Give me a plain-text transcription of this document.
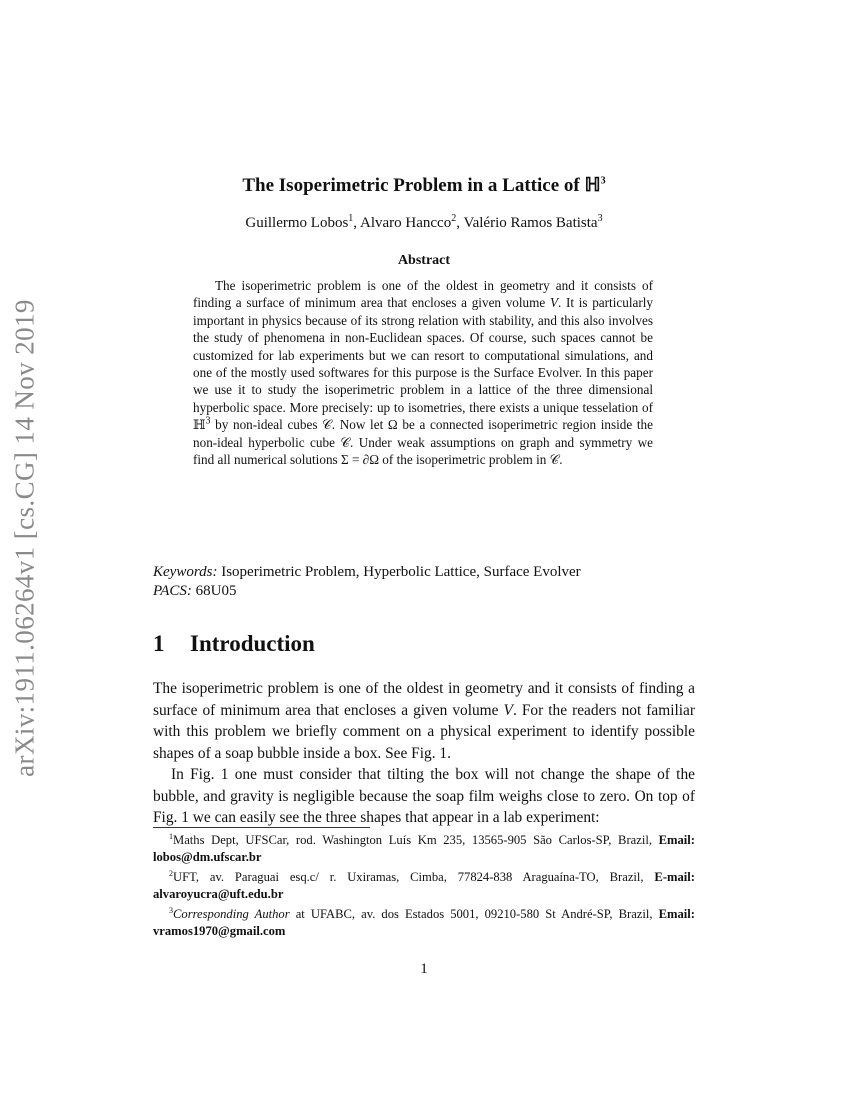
arXiv:1911.06264v1 [cs.CG] 14 Nov 2019
The Isoperimetric Problem in a Lattice of ℍ$^3$
Guillermo Lobos$^1$, Alvaro Hancco$^2$, Valério Ramos Batista$^3$
Abstract

The isoperimetric problem is one of the oldest in geometry and it consists of finding a surface of minimum area that encloses a given volume V. It is particularly important in physics because of its strong relation with stability, and this also involves the study of phenomena in non-Euclidean spaces. Of course, such spaces cannot be customized for lab experiments but we can resort to computational simulations, and one of the mostly used softwares for this purpose is the Surface Evolver. In this paper we use it to study the isoperimetric problem in a lattice of the three dimensional hyperbolic space. More precisely: up to isometries, there exists a unique tesselation of ℍ$^3$ by non-ideal cubes 𝒞. Now let Ω be a connected isoperimetric region inside the non-ideal hyperbolic cube 𝒞. Under weak assumptions on graph and symmetry we find all numerical solutions Σ = ∂Ω of the isoperimetric problem in 𝒞.

Keywords: Isoperimetric Problem, Hyperbolic Lattice, Surface Evolver
PACS: 68U05
1 Introduction

The isoperimetric problem is one of the oldest in geometry and it consists of finding a surface of minimum area that encloses a given volume V. For the readers not familiar with this problem we briefly comment on a physical experiment to identify possible shapes of a soap bubble inside a box. See Fig. 1.

In Fig. 1 one must consider that tilting the box will not change the shape of the bubble, and gravity is negligible because the soap film weighs close to zero. On top of Fig. 1 we can easily see the three shapes that appear in a lab experiment:

$^1$Maths Dept, UFSCar, rod. Washington Luís Km 235, 13565-905 São Carlos-SP, Brazil, Email: lobos@dm.ufscar.br

$^2$UFT, av. Paraguai esq.c/ r. Uxiramas, Cimba, 77824-838 Araguaína-TO, Brazil, E-mail: alvaroyucra@uft.edu.br

$^3$Corresponding Author at UFABC, av. dos Estados 5001, 09210-580 St André-SP, Brazil, Email: vramos1970@gmail.com

1
